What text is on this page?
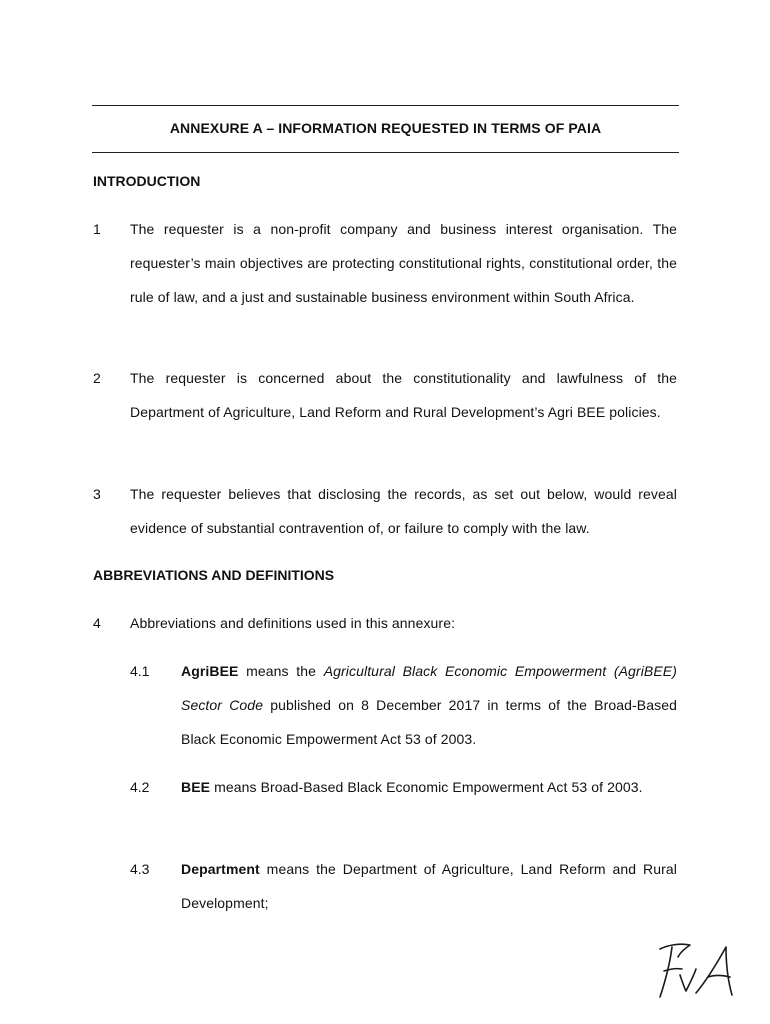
ANNEXURE A – INFORMATION REQUESTED IN TERMS OF PAIA
INTRODUCTION
1 The requester is a non-profit company and business interest organisation. The requester’s main objectives are protecting constitutional rights, constitutional order, the rule of law, and a just and sustainable business environment within South Africa.
2 The requester is concerned about the constitutionality and lawfulness of the Department of Agriculture, Land Reform and Rural Development’s Agri BEE policies.
3 The requester believes that disclosing the records, as set out below, would reveal evidence of substantial contravention of, or failure to comply with the law.
ABBREVIATIONS AND DEFINITIONS
4 Abbreviations and definitions used in this annexure:
4.1 AgriBEE means the Agricultural Black Economic Empowerment (AgriBEE) Sector Code published on 8 December 2017 in terms of the Broad-Based Black Economic Empowerment Act 53 of 2003.
4.2 BEE means Broad-Based Black Economic Empowerment Act 53 of 2003.
4.3 Department means the Department of Agriculture, Land Reform and Rural Development;
